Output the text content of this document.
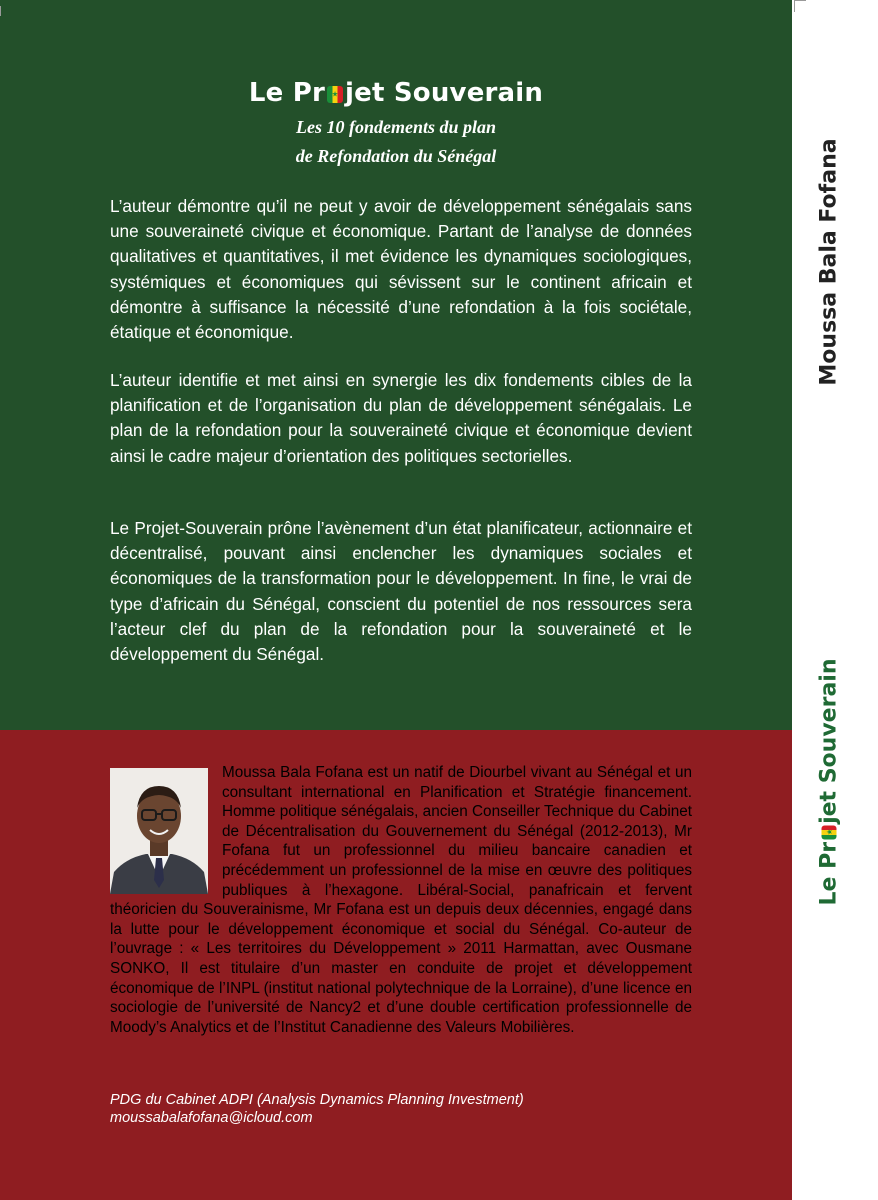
Le Pr jet Souverain
Les 10 fondements du plan
de Refondation du Sénégal

L’auteur démontre qu’il ne peut y avoir de développement sénégalais sans une souveraineté civique et économique. Partant de l’analyse de données qualitatives et quantitatives, il met évidence les dynamiques sociologiques, systémiques et économiques qui sévissent sur le continent africain et démontre à suffisance la nécessité d’une refondation à la fois sociétale, étatique et économique.

L’auteur identifie et met ainsi en synergie les dix fondements cibles de la planification et de l’organisation du plan de développement sénégalais. Le plan de la refondation pour la souveraineté civique et économique devient ainsi le cadre majeur d’orientation des politiques sectorielles.

Le Projet-Souverain prône l’avènement d’un état planificateur, actionnaire et décentralisé, pouvant ainsi enclencher les dynamiques sociales et économiques de la transformation pour le développement. In fine, le vrai de type d’africain du Sénégal, conscient du potentiel de nos ressources sera l’acteur clef du plan de la refondation pour la souveraineté et le développement du Sénégal.

Moussa Bala Fofana est un natif de Diourbel vivant au Sénégal et un consultant international en Planification et Stratégie financement. Homme politique sénégalais, ancien Conseiller Technique du Cabinet de Décentralisation du Gouvernement du Sénégal (2012-2013), Mr Fofana fut un professionnel du milieu bancaire canadien et précédemment un professionnel de la mise en œuvre des politiques publiques à l’hexagone. Libéral-Social, panafricain et fervent théoricien du Souverainisme, Mr Fofana est un depuis deux décennies, engagé dans la lutte pour le développement économique et social du Sénégal. Co-auteur de l’ouvrage : « Les territoires du Développement » 2011 Harmattan, avec Ousmane SONKO, Il est titulaire d’un master en conduite de projet et développement économique de l’INPL (institut national polytechnique de la Lorraine), d’une licence en sociologie de l’université de Nancy2 et d’une double certification professionnelle de Moody’s Analytics et de l’Institut Canadienne des Valeurs Mobilières.

PDG du Cabinet ADPI (Analysis Dynamics Planning Investment)

moussabalafofana@icloud.com

Moussa Bala Fofana
Le Prjet Souverain
